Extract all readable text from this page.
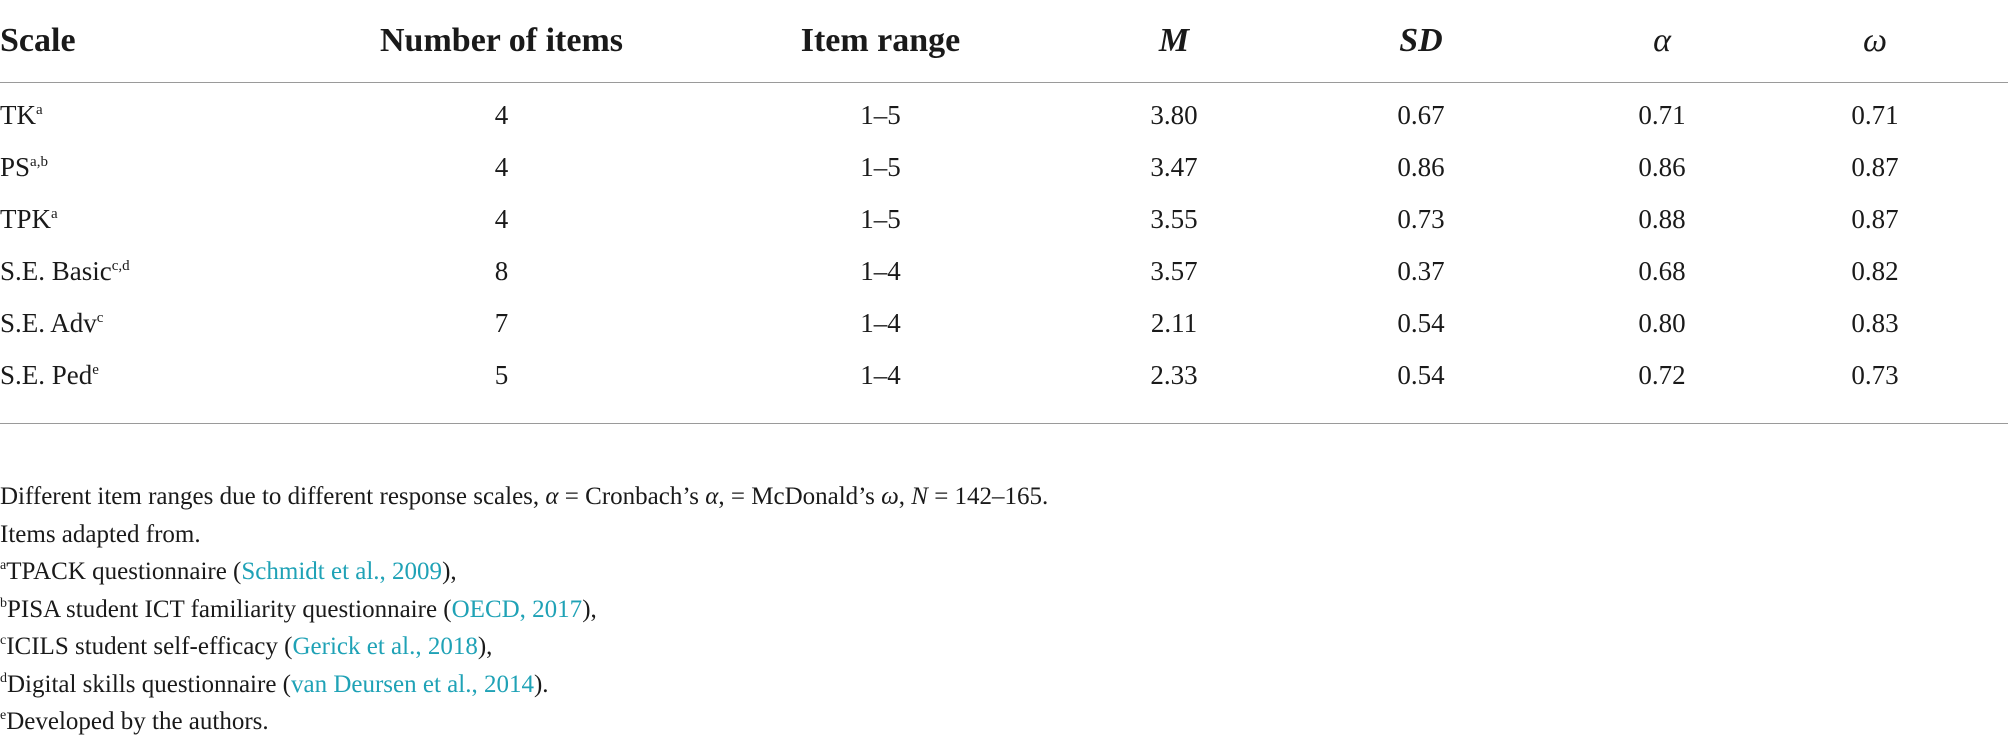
Scale	Number of items	Item range	M	SD	α	ω
$TK^a$	4	1–5	3.80	0.67	0.71	0.71
PS$^{a,b}$	4	1–5	3.47	0.86	0.86	0.87
TPK$^a$	4	1–5	3.55	0.73	0.88	0.87
S.E. Basic$^{c,d}$	8	1–4	3.57	0.37	0.68	0.82
S.E. Adv$^c$	7	1–4	2.11	0.54	0.80	0.83
S.E. Ped$^e$	5	1–4	2.33	0.54	0.72	0.73
Different item ranges due to different response scales, α = Cronbach’s α, = McDonald’s ω, N = 142–165.
Items adapted from.
$^a$TPACK questionnaire (Schmidt et al., 2009),
$^b$PISA student ICT familiarity questionnaire (OECD, 2017),
$^c$ICILS student self-efficacy (Gerick et al., 2018),
$^d$Digital skills questionnaire (van Deursen et al., 2014).
$^e$Developed by the authors.
